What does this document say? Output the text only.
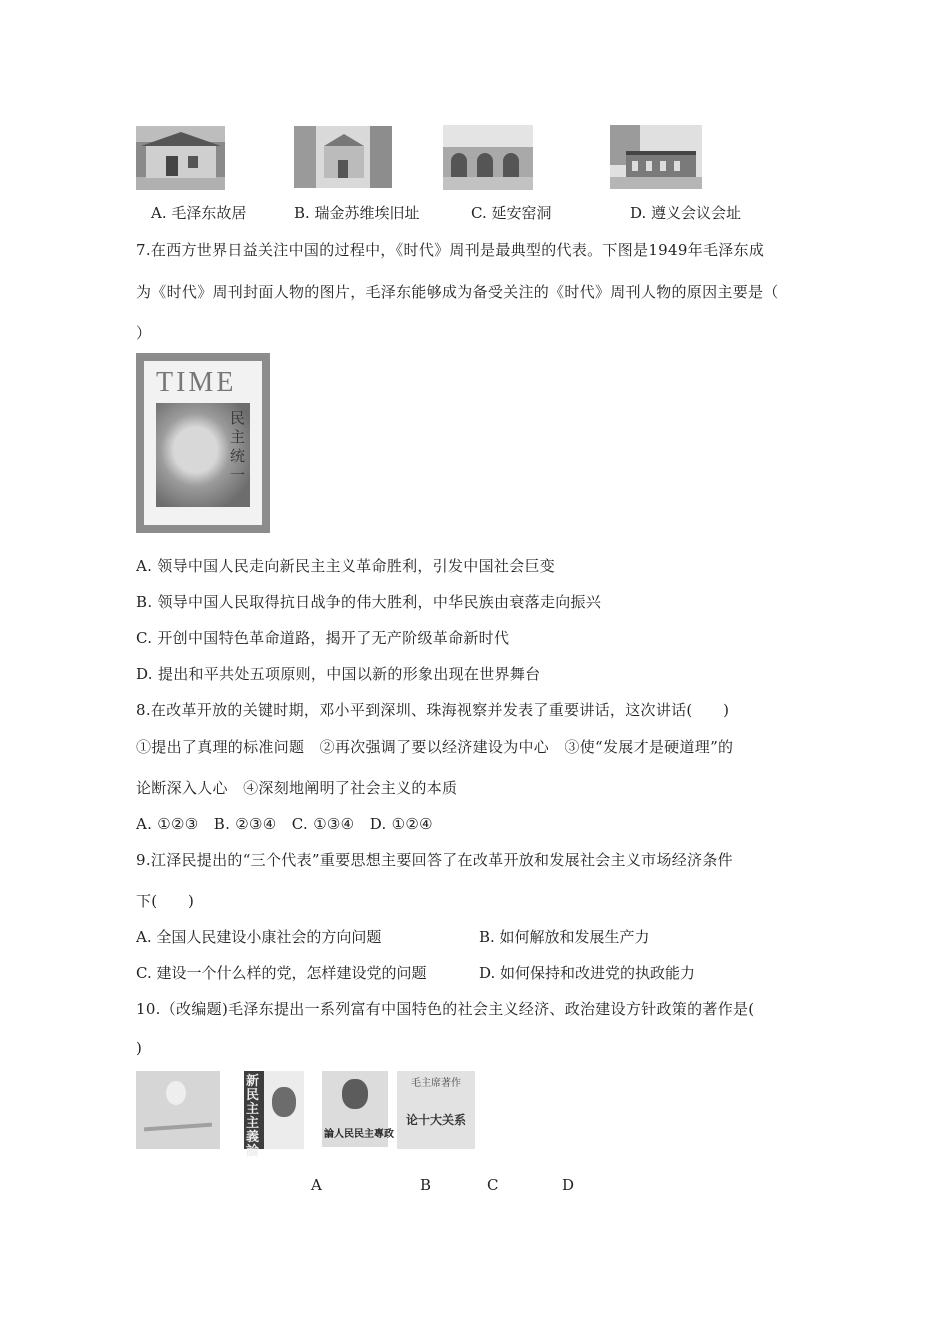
A. 毛泽东故居	B. 瑞金苏维埃旧址	C. 延安窑洞	D. 遵义会议会址
7.在西方世界日益关注中国的过程中，《时代》周刊是最典型的代表。下图是1949年毛泽东成
为《时代》周刊封面人物的图片，毛泽东能够成为备受关注的《时代》周刊人物的原因主要是（
）
TIME
民主统一
A. 领导中国人民走向新民主主义革命胜利，引发中国社会巨变
B. 领导中国人民取得抗日战争的伟大胜利，中华民族由衰落走向振兴
C. 开创中国特色革命道路，揭开了无产阶级革命新时代
D. 提出和平共处五项原则，中国以新的形象出现在世界舞台
8.在改革开放的关键时期，邓小平到深圳、珠海视察并发表了重要讲话，这次讲话(　　)
①提出了真理的标准问题　②再次强调了要以经济建设为中心　③使“发展才是硬道理”的
论断深入人心　④深刻地阐明了社会主义的本质
A. ①②③　B. ②③④　C. ①③④　D. ①②④
9.江泽民提出的“三个代表”重要思想主要回答了在改革开放和发展社会主义市场经济条件
下(　　)
A. 全国人民建设小康社会的方向问题	B. 如何解放和发展生产力
C. 建设一个什么样的党，怎样建设党的问题	D. 如何保持和改进党的执政能力
10.（改编题)毛泽东提出一系列富有中国特色的社会主义经济、政治建设方针政策的著作是(
)
新民主主義論
論人民民主專政
毛主席著作
论十大关系
A	B	C	D
